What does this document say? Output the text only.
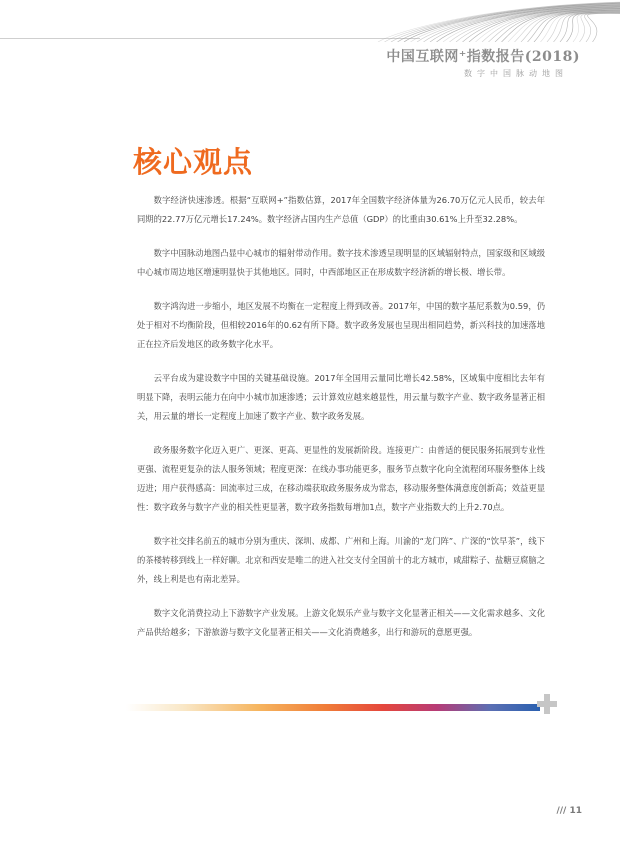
中国互联网⁺指数报告(2018)
数字中国脉动地图
核心观点

数字经济快速渗透。根据“互联网+”指数估算，2017年全国数字经济体量为26.70万亿元人民币，较去年同期的22.77万亿元增长17.24%。数字经济占国内生产总值（GDP）的比重由30.61%上升至32.28%。

数字中国脉动地图凸显中心城市的辐射带动作用。数字技术渗透呈现明显的区域辐射特点，国家级和区域级中心城市周边地区增速明显快于其他地区。同时，中西部地区正在形成数字经济新的增长极、增长带。

数字鸿沟进一步缩小，地区发展不均衡在一定程度上得到改善。2017年，中国的数字基尼系数为0.59，仍处于相对不均衡阶段，但相较2016年的0.62有所下降。数字政务发展也呈现出相同趋势，新兴科技的加速落地正在拉齐后发地区的政务数字化水平。

云平台成为建设数字中国的关键基础设施。2017年全国用云量同比增长42.58%，区域集中度相比去年有明显下降，表明云能力在向中小城市加速渗透；云计算效应越来越显性，用云量与数字产业、数字政务显著正相关，用云量的增长一定程度上加速了数字产业、数字政务发展。

政务服务数字化迈入更广、更深、更高、更显性的发展新阶段。连接更广：由普适的便民服务拓展到专业性更强、流程更复杂的法人服务领域；程度更深：在线办事功能更多，服务节点数字化向全流程闭环服务整体上线迈进；用户获得感高：回流率过三成，在移动端获取政务服务成为常态，移动服务整体满意度创新高；效益更显性：数字政务与数字产业的相关性更显著，数字政务指数每增加1点，数字产业指数大约上升2.70点。

数字社交排名前五的城市分别为重庆、深圳、成都、广州和上海。川渝的“龙门阵”、广深的“饮早茶”，线下的茶楼转移到线上一样好聊。北京和西安是唯二的进入社交支付全国前十的北方城市，咸甜粽子、盐糖豆腐脑之外，线上利是也有南北差异。

数字文化消费拉动上下游数字产业发展。上游文化娱乐产业与数字文化显著正相关——文化需求越多、文化产品供给越多；下游旅游与数字文化显著正相关——文化消费越多，出行和游玩的意愿更强。

/// 11
